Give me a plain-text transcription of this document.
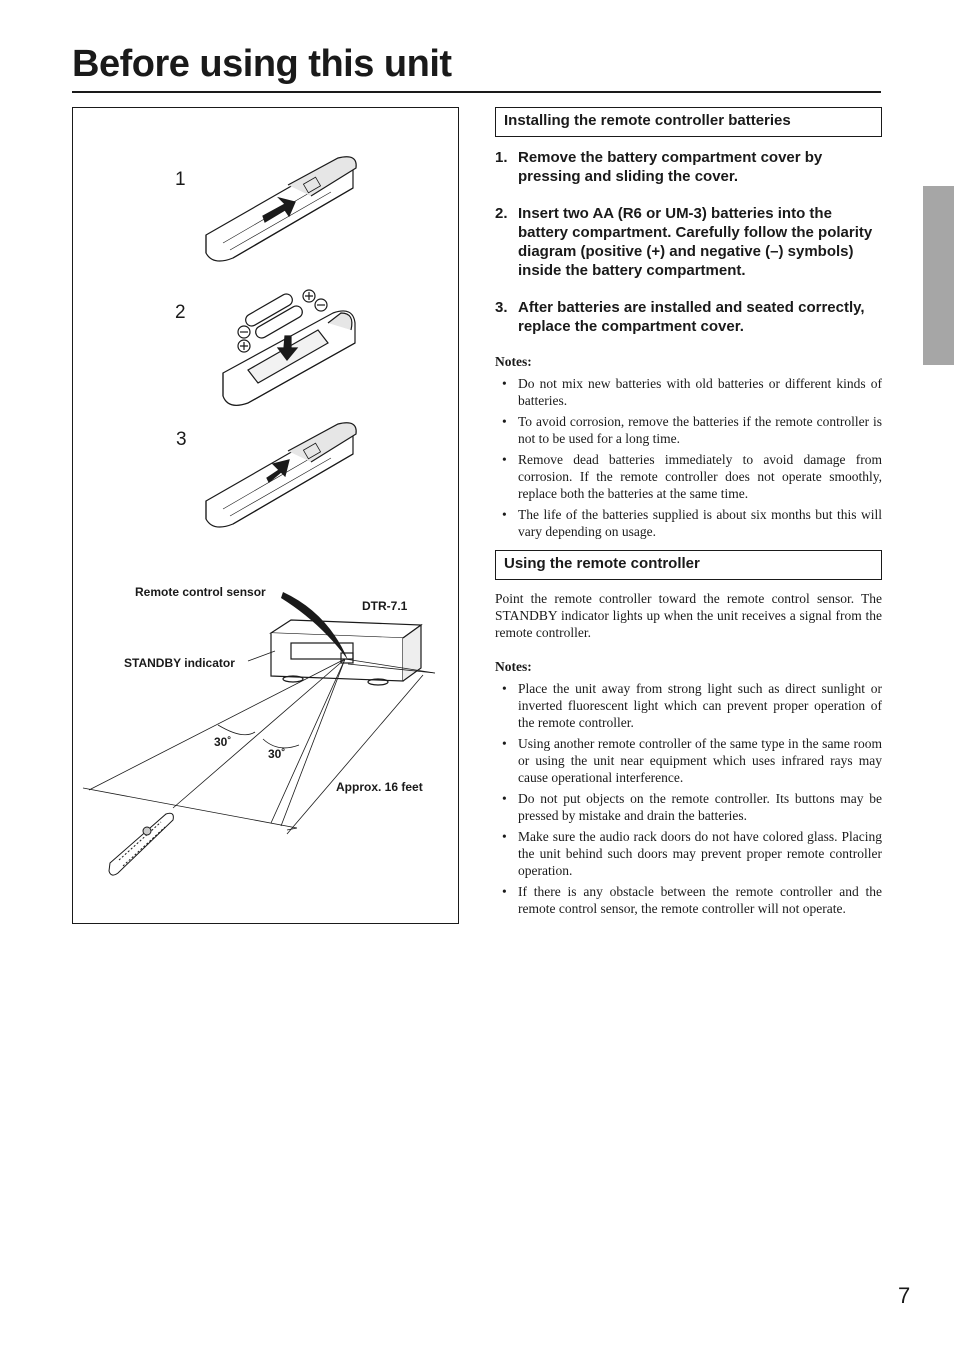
Before using this unit
1
2
3
Remote control sensor
DTR-7.1
STANDBY indicator
30˚
30˚
Approx. 16 feet
Installing the remote controller batteries
1. Remove the battery compartment cover by pressing and sliding the cover.
2. Insert two AA (R6 or UM-3) batteries into the battery compartment. Carefully follow the polarity diagram (positive (+) and negative (–) symbols) inside the battery compartment.
3. After batteries are installed and seated correctly, replace the compartment cover.
Notes:
• Do not mix new batteries with old batteries or different kinds of batteries.
• To avoid corrosion, remove the batteries if the remote controller is not to be used for a long time.
• Remove dead batteries immediately to avoid damage from corrosion. If the remote controller does not operate smoothly, replace both the batteries at the same time.
• The life of the batteries supplied is about six months but this will vary depending on usage.
Using the remote controller

Point the remote controller toward the remote control sensor. The STANDBY indicator lights up when the unit receives a signal from the remote controller.

Notes:
• Place the unit away from strong light such as direct sunlight or inverted fluorescent light which can prevent proper operation of the remote controller.
• Using another remote controller of the same type in the same room or using the unit near equipment which uses infrared rays may cause operational interference.
• Do not put objects on the remote controller. Its buttons may be pressed by mistake and drain the batteries.
• Make sure the audio rack doors do not have colored glass. Placing the unit behind such doors may prevent proper remote controller operation.
• If there is any obstacle between the remote controller and the remote control sensor, the remote controller will not operate.
7
